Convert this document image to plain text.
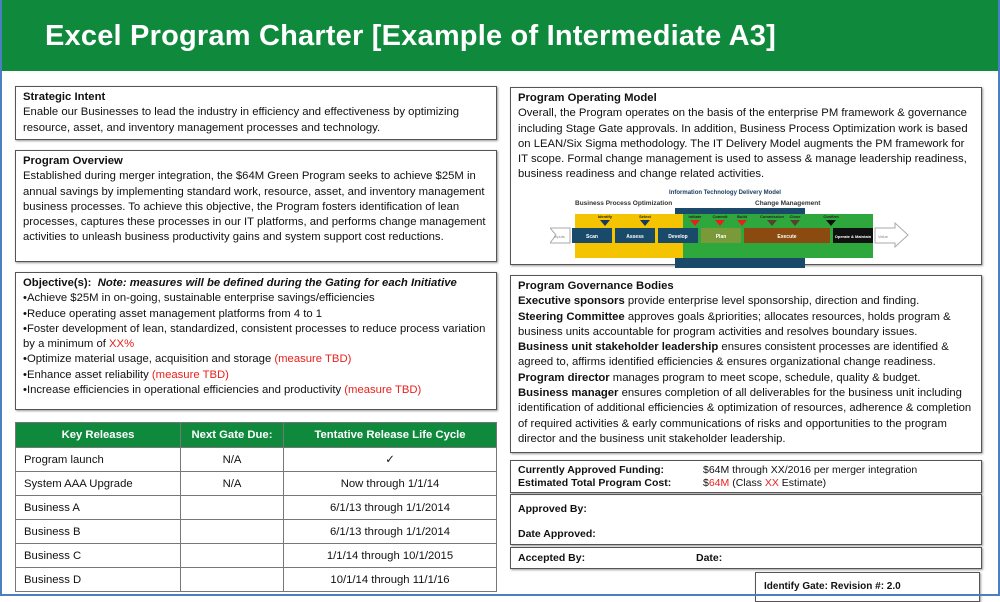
Excel Program Charter [Example of Intermediate A3]
Strategic Intent
Enable our Businesses to lead the industry in efficiency and effectiveness by optimizing resource, asset, and inventory management processes and technology.
Program Overview
Established during merger integration, the $64M Green Program seeks to achieve $25M in annual savings by implementing standard work, resource, asset, and inventory management business processes. To achieve this objective, the Program fosters identification of lean processes, captures these processes in our IT platforms, and performs change management activities to unleash business productivity gains and system support cost reductions.
Objective(s): Note: measures will be defined during the Gating for each Initiative
•Achieve $25M in on-going, sustainable enterprise savings/efficiencies
•Reduce operating asset management platforms from 4 to 1
•Foster development of lean, standardized, consistent processes to reduce process variation by a minimum of XX%
•Optimize material usage, acquisition and storage (measure TBD)
•Enhance asset reliability (measure TBD)
•Increase efficiencies in operational efficiencies and productivity (measure TBD)
Key Releases	Next Gate Due:	Tentative Release Life Cycle
Program launch	N/A	✓
System AAA Upgrade	N/A	Now through 1/1/14
Business A		6/1/13 through 1/1/2014
Business B		6/1/13 through 1/1/2014
Business C		1/1/14 through 10/1/2015
Business D		10/1/14 through 11/1/16
Program Operating Model
Overall, the Program operates on the basis of the enterprise PM framework & governance including Stage Gate approvals. In addition, Business Process Optimization work is based on LEAN/Six Sigma methodology. The IT Delivery Model augments the PM framework for IT scope. Formal change management is used to assess & manage leadership readiness, business readiness and change related activities.
Information Technology Delivery Model
Business Process Optimization	Change Management
Scan	Assess	Develop	Plan	Execute	Operate & Maintain
Identify	Select	Initiate	Commit Build	Commission Close	Confirm
Inputs	Value
Program Governance Bodies
Executive sponsors provide enterprise level sponsorship, direction and finding.
Steering Committee approves goals &priorities; allocates resources, holds program & business units accountable for program activities and resolves boundary issues.
Business unit stakeholder leadership ensures consistent processes are identified & agreed to, affirms identified efficiencies & ensures organizational change readiness.
Program director manages program to meet scope, schedule, quality & budget.
Business manager ensures completion of all deliverables for the business unit including identification of additional efficiencies & optimization of resources, adherence & completion of required activities & early communications of risks and opportunities to the program director and the business unit stakeholder leadership.
Currently Approved Funding:	$64M through XX/2016 per merger integration
Estimated Total Program Cost:	$64M (Class XX Estimate)
Approved By:
Date Approved:
Accepted By:	Date:
Identify Gate: Revision #: 2.0
